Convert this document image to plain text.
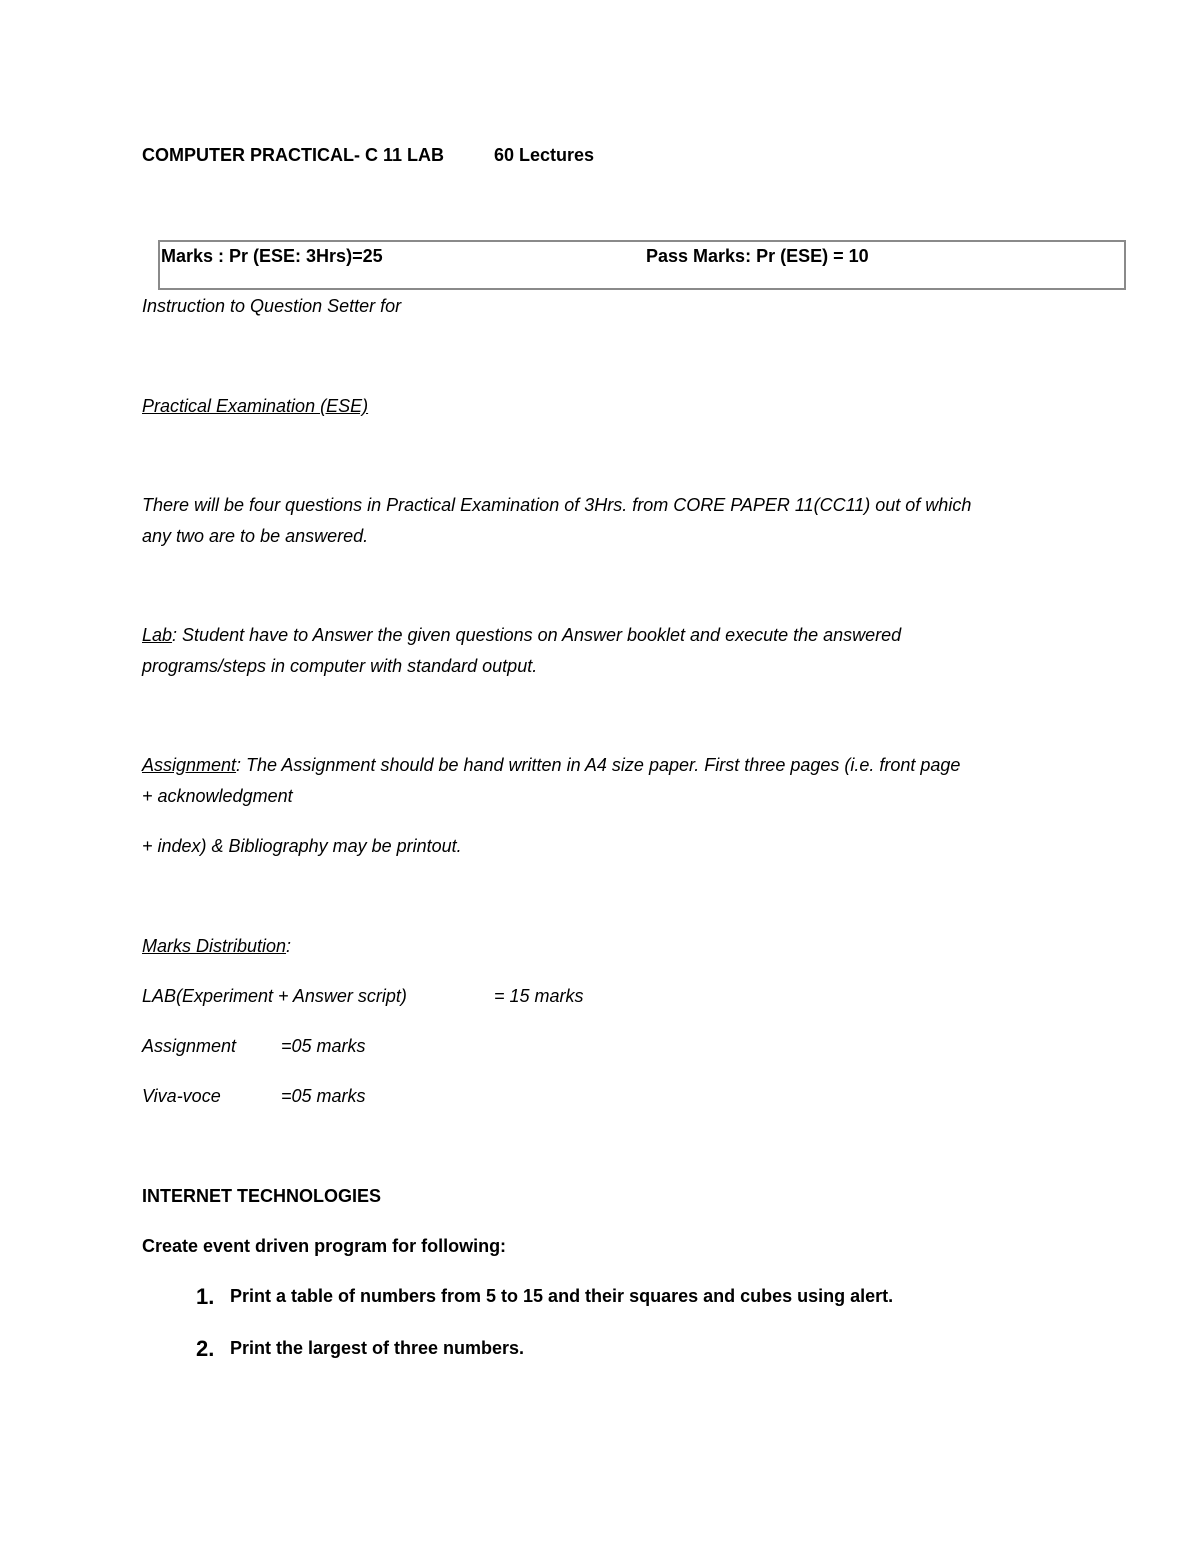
COMPUTER PRACTICAL- C 11 LAB	60 Lectures
Marks : Pr (ESE: 3Hrs)=25	Pass Marks: Pr (ESE) = 10
Instruction to Question Setter for
Practical Examination (ESE)
There will be four questions in Practical Examination of 3Hrs. from CORE PAPER 11(CC11) out of which
any two are to be answered.
Lab: Student have to Answer the given questions on Answer booklet and execute the answered
programs/steps in computer with standard output.
Assignment: The Assignment should be hand written in A4 size paper. First three pages (i.e. front page
+ acknowledgment
+ index) & Bibliography may be printout.
Marks Distribution:
LAB(Experiment + Answer script)	= 15 marks
Assignment =05 marks
Viva-voce	=05 marks
INTERNET TECHNOLOGIES
Create event driven program for following:
1. Print a table of numbers from 5 to 15 and their squares and cubes using alert.
2. Print the largest of three numbers.
